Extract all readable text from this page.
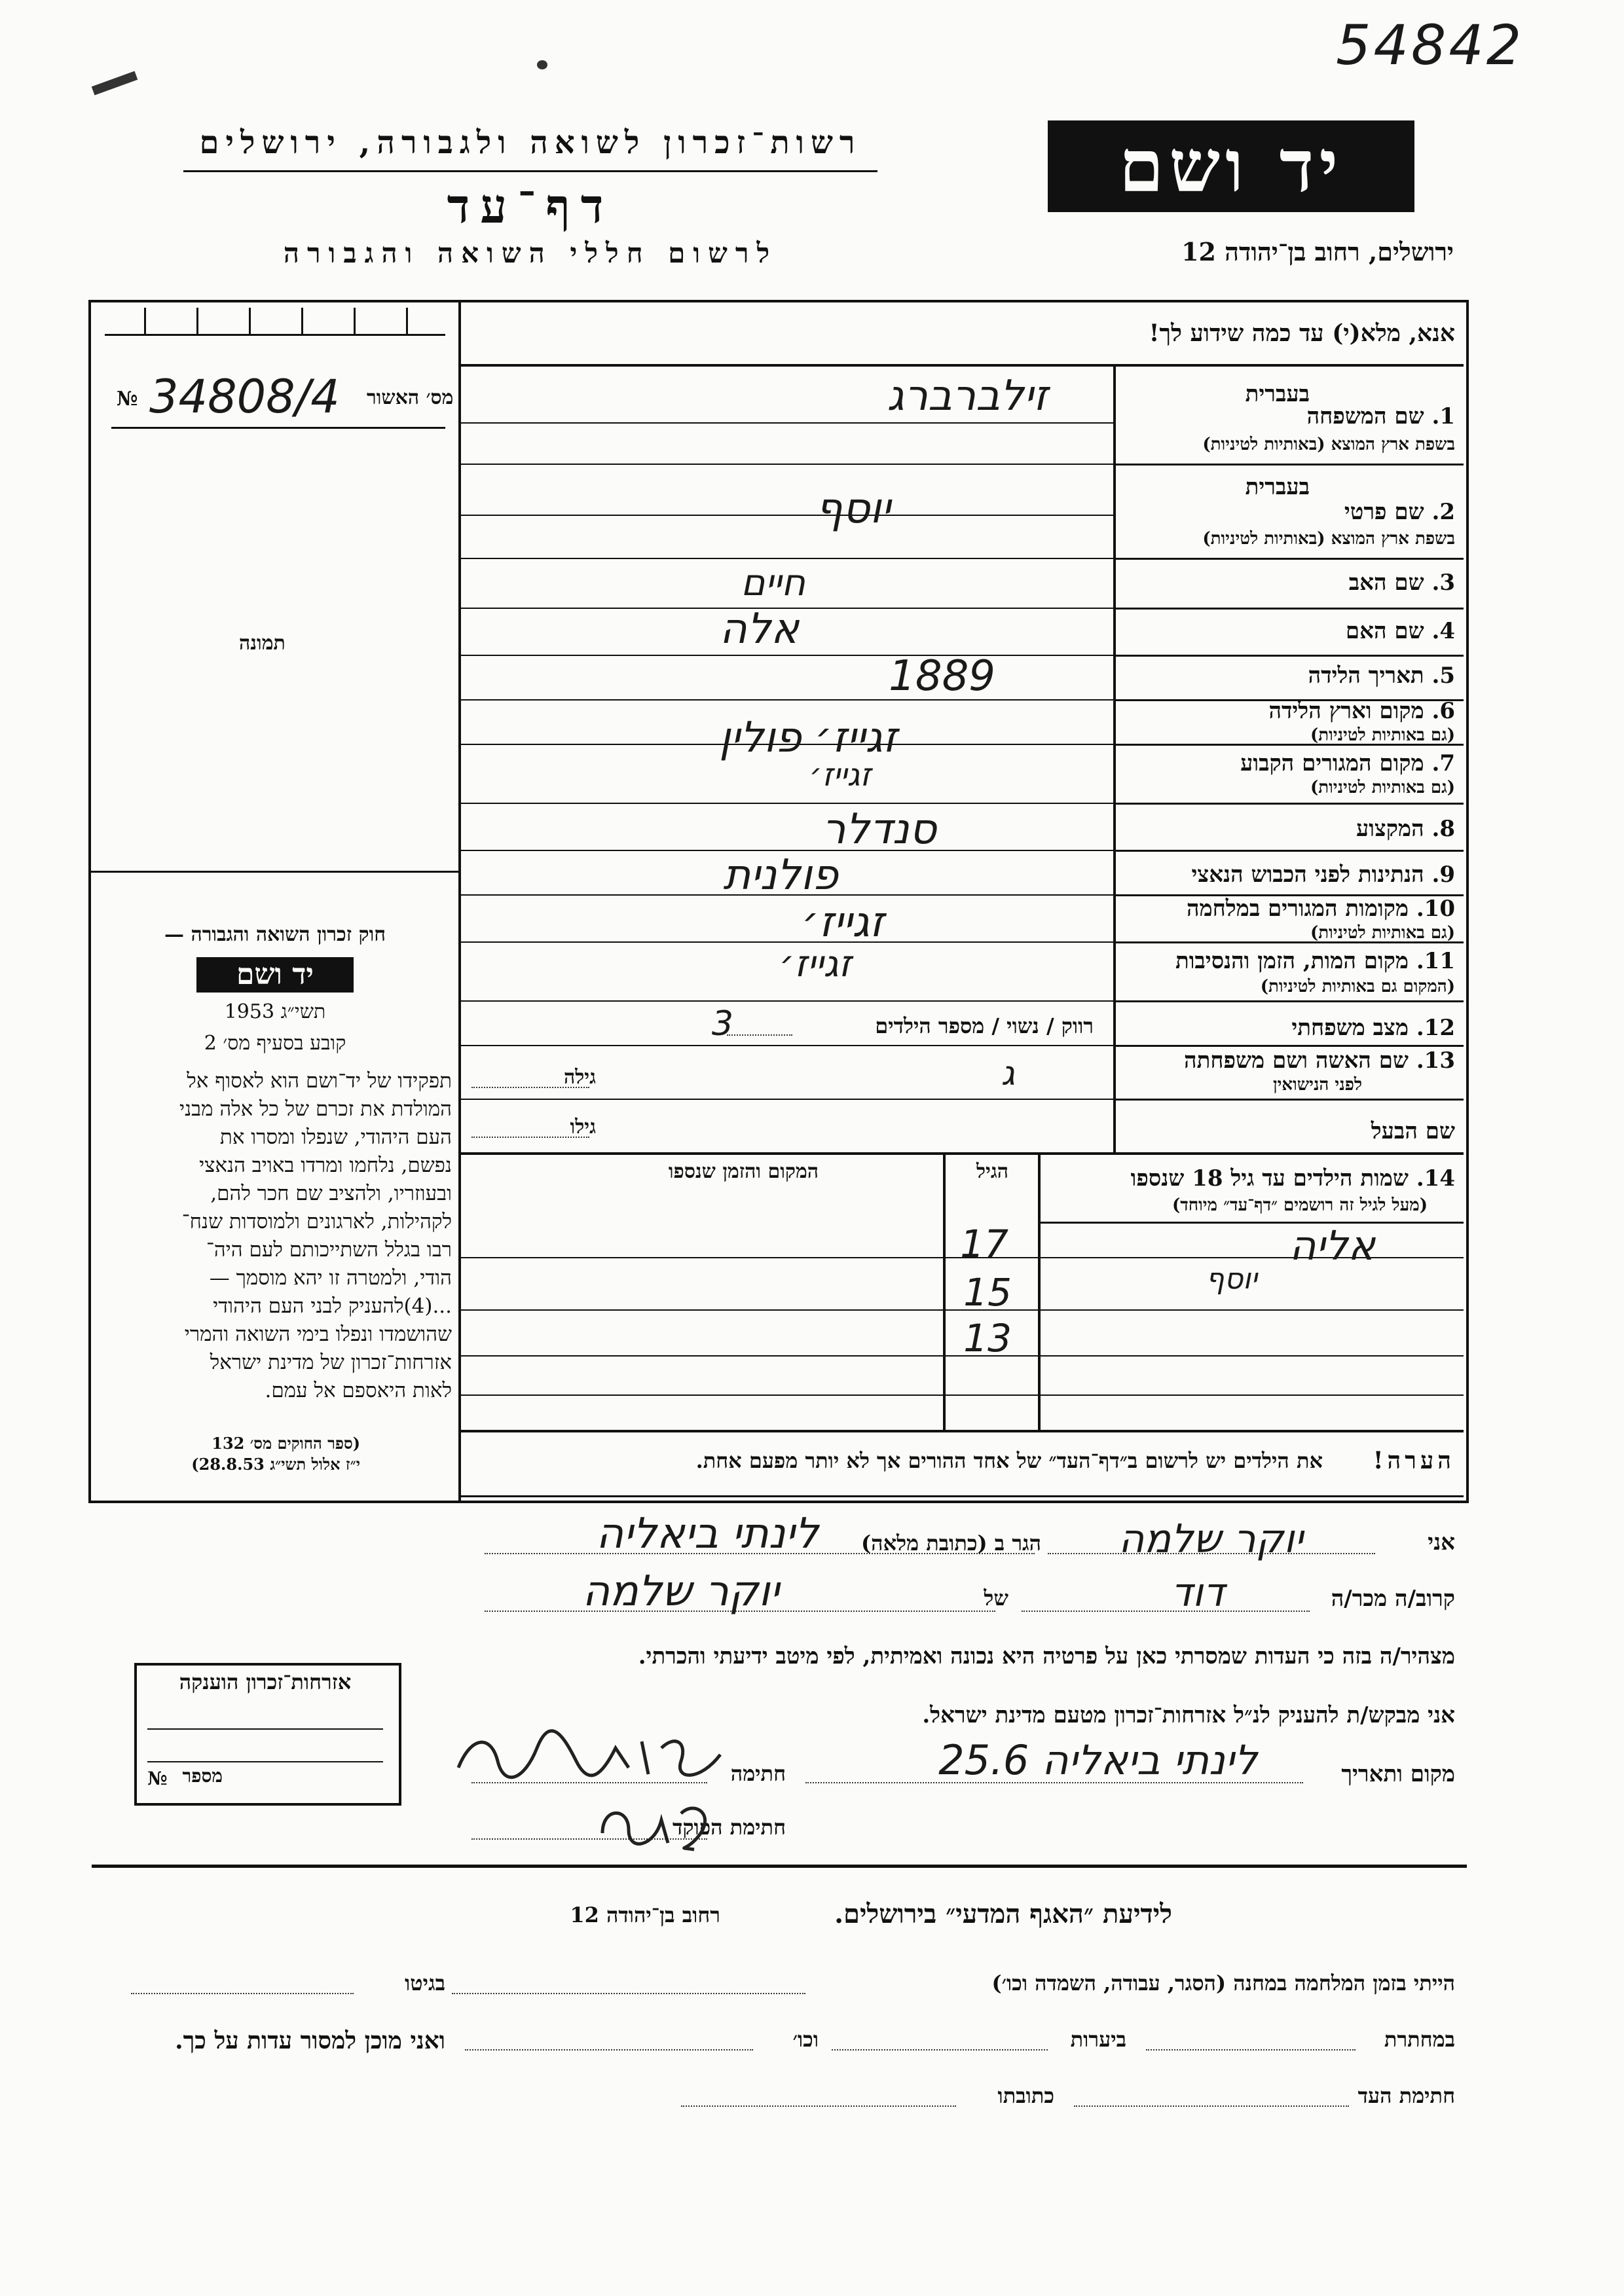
54842
רשות־זכרון לשואה ולגבורה, ירושלים
דף־עד
לרשום חללי השואה והגבורה
יד ושם
ירושלים, רחוב בן־יהודה 12
מס׳ האשור
№ 34808/4
תמונה
חוק זכרון השואה והגבורה —
יד ושם
תשי״ג 1953
קובע בסעיף מס׳ 2
תפקידו של יד־ושם הוא לאסוף אל
המולדת את זכרם של כל אלה מבני
העם היהודי, שנפלו ומסרו את
נפשם, נלחמו ומרדו באויב הנאצי
ובעוזריו, ולהציב שם חכר להם,
לקהילות, לארגונים ולמוסדות שנח־
רבו בגלל השתייכותם לעם היה־
הודי, ולמטרה זו יהא מוסמך —
...(4)להעניק לבני העם היהודי
שהושמדו ונפלו בימי השואה והמרי
אזרחות־זכרון של מדינת ישראל
לאות היאספם אל עמם.
(ספר החוקים מס׳ 132
י״ז אלול תשי״ג 28.8.53)
אנא, מלא(י) עד כמה שידוע לך!
בעברית
1. שם המשפחה
בשפת ארץ המוצא (באותיות לטיניות)
זילברברג
בעברית
2. שם פרטי
בשפת ארץ המוצא (באותיות לטיניות)
יוסף
3. שם האב
חיים
4. שם האם
אלה
5. תאריך הלידה
1889
6. מקום וארץ הלידה
(גם באותיות לטיניות)
זגייז׳ פולין
7. מקום המגורים הקבוע
(גם באותיות לטיניות)
זגייז׳
8. המקצוע
סנדלר
9. הנתינות לפני הכבוש הנאצי
פולנית
10. מקומות המגורים במלחמה
(גם באותיות לטיניות)
זגייז׳
11. מקום המות, הזמן והנסיבות
(המקום גם באותיות לטיניות)
זגייז׳
12. מצב משפחתי
רווק / נשוי / מספר הילדים
3
13. שם האשה ושם משפחתה
לפני הנישואין
ג
גילה
שם הבעל
גילו
14. שמות הילדים עד גיל 18 שנספו
(מעל לגיל זה רושמים ״דף־עד״ מיוחד)
הגיל
המקום והזמן שנספו
אליה
17
יוסף
15
13
הערה!
את הילדים יש לרשום ב״דף־העד״ של אחד ההורים אך לא יותר מפעם אחת.
אני
יוקר שלמה
הגר ב (כתובת מלאה)
לינתי ביאליה
קרוב/ה מכר/ה
דוד
של
יוקר שלמה
מצהיר/ה בזה כי העדות שמסרתי כאן על פרטיה היא נכונה ואמיתית, לפי מיטב ידיעתי והכרתי.
אני מבקש/ת להעניק לנ״ל אזרחות־זכרון מטעם מדינת ישראל.
מקום ותאריך
לינתי ביאליה 25.6
חתימה
חתימת הפוקד
אזרחות־זכרון הוענקה
מספר
№
לידיעת ״האגף המדעי״ בירושלים.
רחוב בן־יהודה 12
הייתי בזמן המלחמה במחנה (הסגר, עבודה, השמדה וכו׳)
בגיטו
במחתרת
ביערות
וכו׳
ואני מוכן למסור עדות על כך.
חתימת העד
כתובתו
